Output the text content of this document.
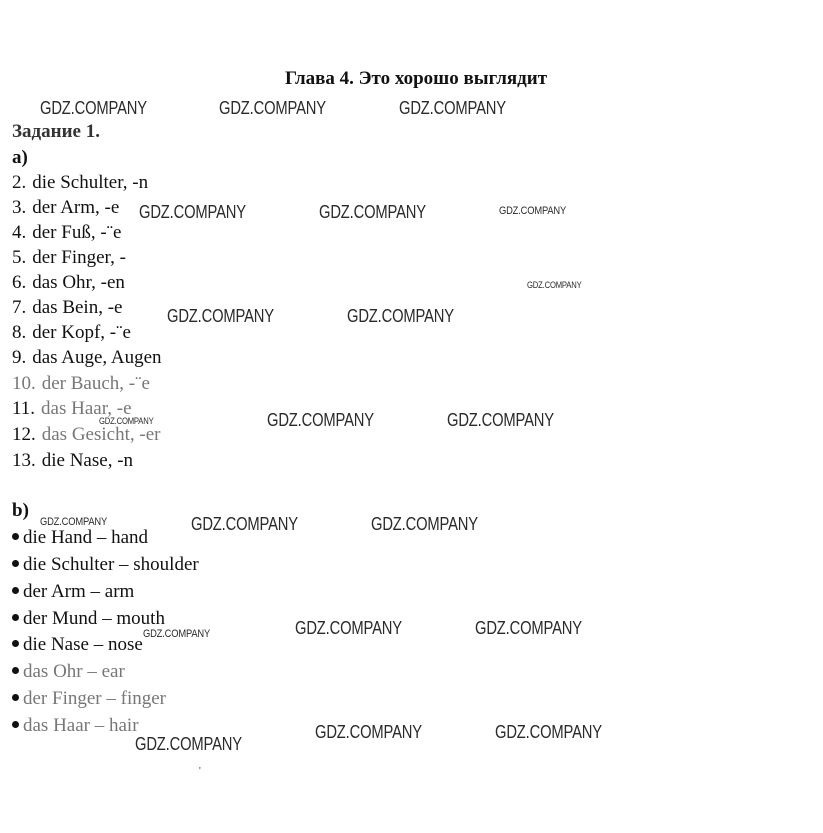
Глава 4. Это хорошо выглядит
Задание 1.
а)
2. die Schulter, -n
3. der Arm, -e
4. der Fuß, -¨e
5. der Finger, -
6. das Ohr, -en
7. das Bein, -e
8. der Kopf, -¨e
9. das Auge, Augen
10. der Bauch, -¨e
11. das Haar, -e
12. das Gesicht, -er
13. die Nase, -n
b)
die Hand – hand
die Schulter – shoulder
der Arm – arm
der Mund – mouth
die Nase – nose
das Ohr – ear
der Finger – finger
das Haar – hair
GDZ.COMPANY	GDZ.COMPANY	GDZ.COMPANY
GDZ.COMPANY	GDZ.COMPANY	GDZ.COMPANY
GDZ.COMPANY
GDZ.COMPANY	GDZ.COMPANY
GDZ.COMPANY	GDZ.COMPANY	GDZ.COMPANY
GDZ.COMPANY	GDZ.COMPANY	GDZ.COMPANY
GDZ.COMPANY	GDZ.COMPANY	GDZ.COMPANY
GDZ.COMPANY	GDZ.COMPANY
GDZ.COMPANY
'
